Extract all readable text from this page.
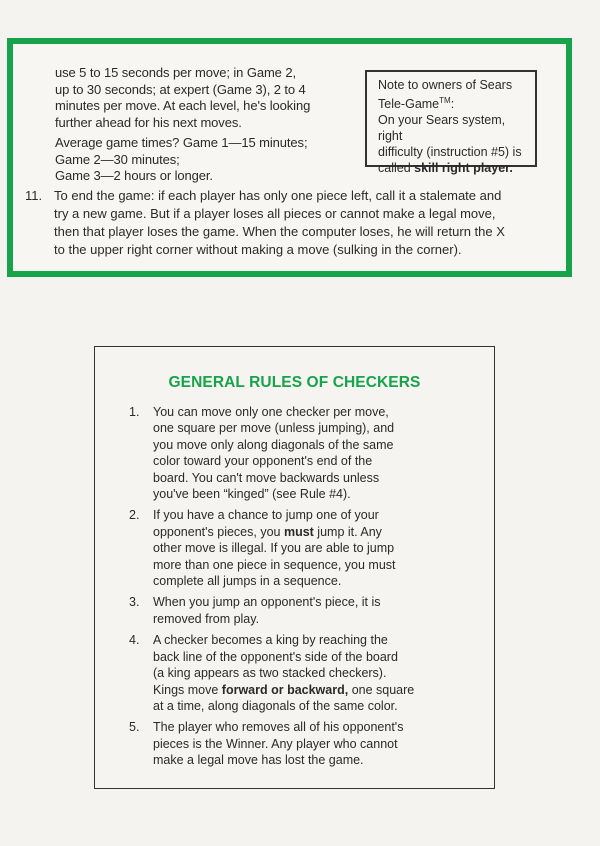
use 5 to 15 seconds per move; in Game 2,
up to 30 seconds; at expert (Game 3), 2 to 4
minutes per move. At each level, he's looking
further ahead for his next moves.

Average game times? Game 1—15 minutes;
Game 2—30 minutes;
Game 3—2 hours or longer.

Note to owners of Sears
Tele-Game™:
On your Sears system, right
difficulty (instruction #5) is
called skill right player.
11. To end the game: if each player has only one piece left, call it a stalemate and
try a new game. But if a player loses all pieces or cannot make a legal move,
then that player loses the game. When the computer loses, he will return the X
to the upper right corner without making a move (sulking in the corner).
GENERAL RULES OF CHECKERS
1. You can move only one checker per move,
one square per move (unless jumping), and
you move only along diagonals of the same
color toward your opponent's end of the
board. You can't move backwards unless
you've been “kinged” (see Rule #4).
2. If you have a chance to jump one of your
opponent's pieces, you must jump it. Any
other move is illegal. If you are able to jump
more than one piece in sequence, you must
complete all jumps in a sequence.
3. When you jump an opponent's piece, it is
removed from play.
4. A checker becomes a king by reaching the
back line of the opponent's side of the board
(a king appears as two stacked checkers).
Kings move forward or backward, one square
at a time, along diagonals of the same color.
5. The player who removes all of his opponent's
pieces is the Winner. Any player who cannot
make a legal move has lost the game.
